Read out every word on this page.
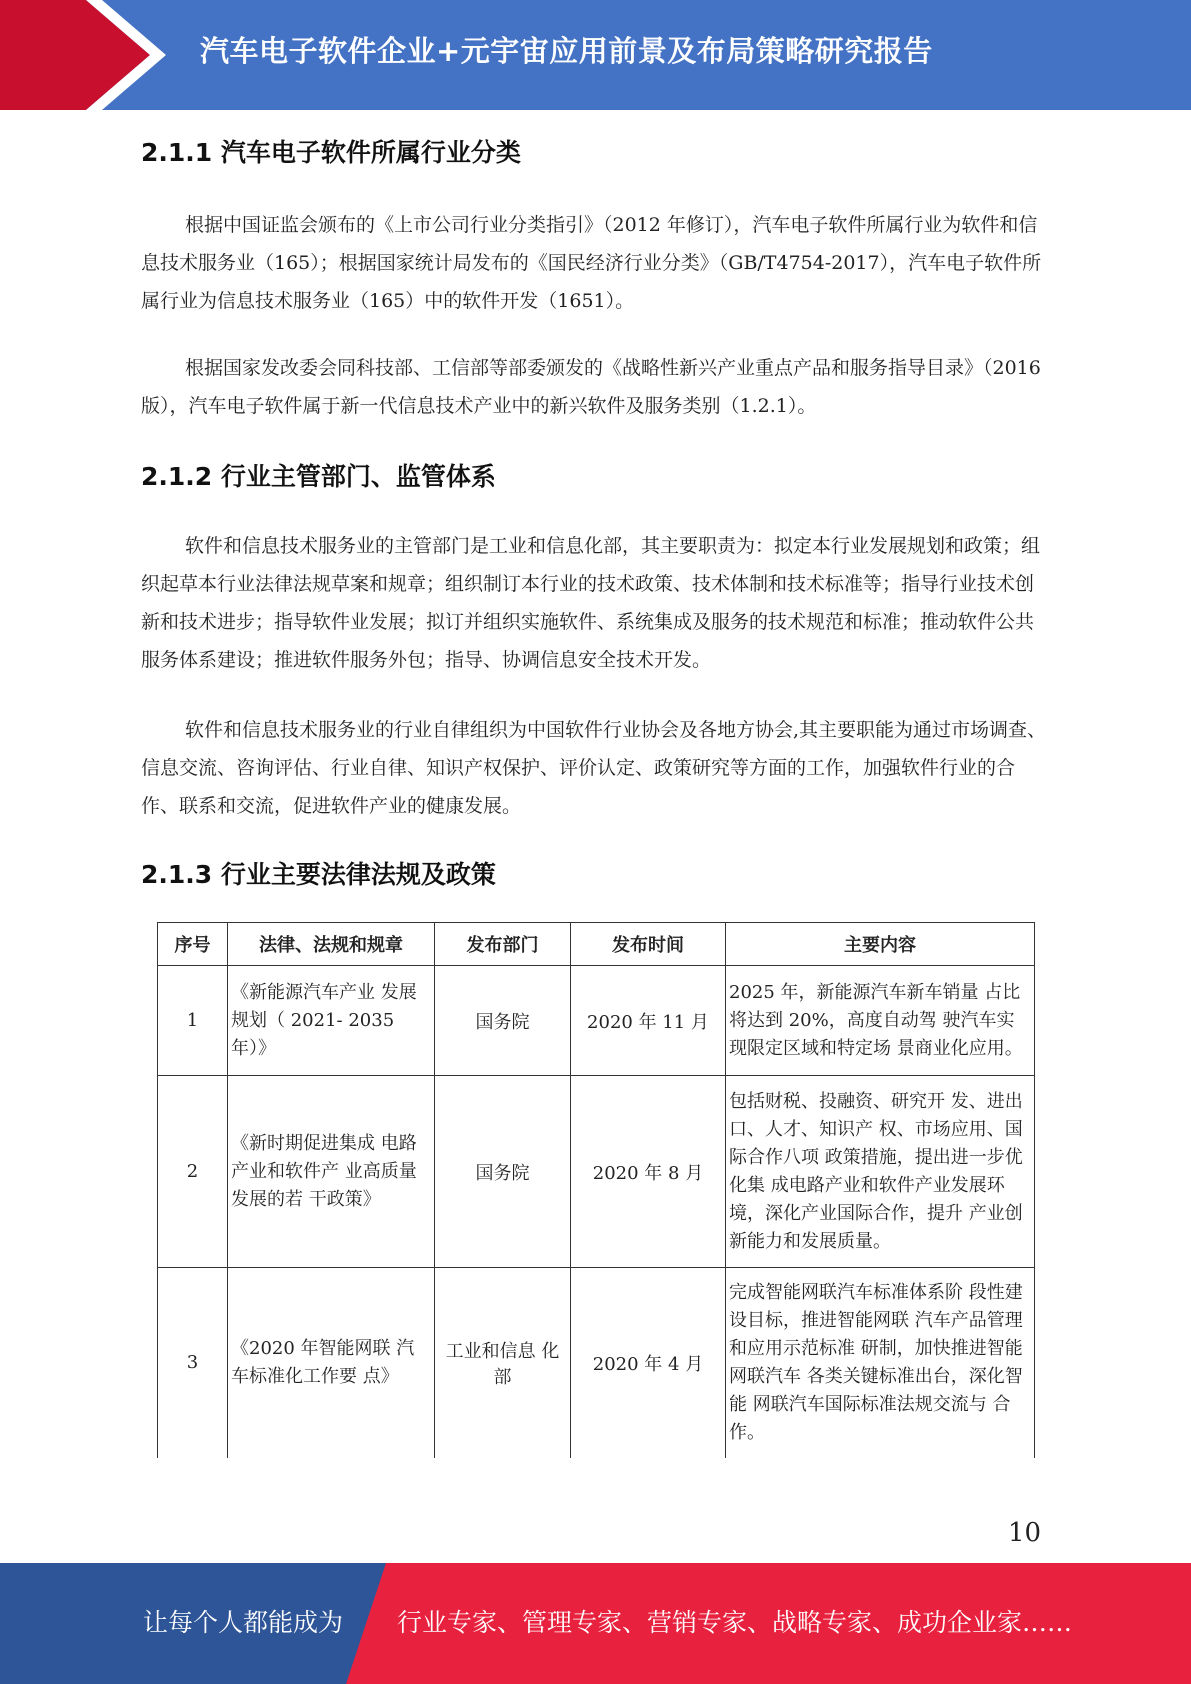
汽车电子软件企业+元宇宙应用前景及布局策略研究报告
2.1.1 汽车电子软件所属行业分类

根据中国证监会颁布的《上市公司行业分类指引》（2012 年修订），汽车电子软件所属行业为软件和信息技术服务业（165）；根据国家统计局发布的《国民经济行业分类》（GB/T4754-2017），汽车电子软件所属行业为信息技术服务业（165）中的软件开发（1651）。

根据国家发改委会同科技部、工信部等部委颁发的《战略性新兴产业重点产品和服务指导目录》（2016 版），汽车电子软件属于新一代信息技术产业中的新兴软件及服务类别（1.2.1）。

2.1.2 行业主管部门、监管体系

软件和信息技术服务业的主管部门是工业和信息化部，其主要职责为：拟定本行业发展规划和政策；组织起草本行业法律法规草案和规章；组织制订本行业的技术政策、技术体制和技术标准等；指导行业技术创新和技术进步；指导软件业发展；拟订并组织实施软件、系统集成及服务的技术规范和标准；推动软件公共服务体系建设；推进软件服务外包；指导、协调信息安全技术开发。

软件和信息技术服务业的行业自律组织为中国软件行业协会及各地方协会,其主要职能为通过市场调查、信息交流、咨询评估、行业自律、知识产权保护、评价认定、政策研究等方面的工作，加强软件行业的合作、联系和交流，促进软件产业的健康发展。

2.1.3 行业主要法律法规及政策
序号	法律、法规和规章	发布部门	发布时间	主要内容
1	《新能源汽车产业 发展规划（ 2021- 2035 年）》	国务院	2020 年 11 月	2025 年，新能源汽车新车销量 占比将达到 20%，高度自动驾 驶汽车实现限定区域和特定场 景商业化应用。
2	《新时期促进集成 电路产业和软件产 业高质量发展的若 干政策》	国务院	2020 年 8 月	包括财税、投融资、研究开 发、进出口、人才、知识产 权、市场应用、国际合作八项 政策措施，提出进一步优化集 成电路产业和软件产业发展环 境，深化产业国际合作，提升 产业创新能力和发展质量。
3	《2020 年智能网联 汽车标准化工作要 点》	工业和信息 化部	2020 年 4 月	完成智能网联汽车标准体系阶 段性建设目标，推进智能网联 汽车产品管理和应用示范标准 研制，加快推进智能网联汽车 各类关键标准出台，深化智能 网联汽车国际标准法规交流与 合作。
10
让每个人都能成为 行业专家、管理专家、营销专家、战略专家、成功企业家……
